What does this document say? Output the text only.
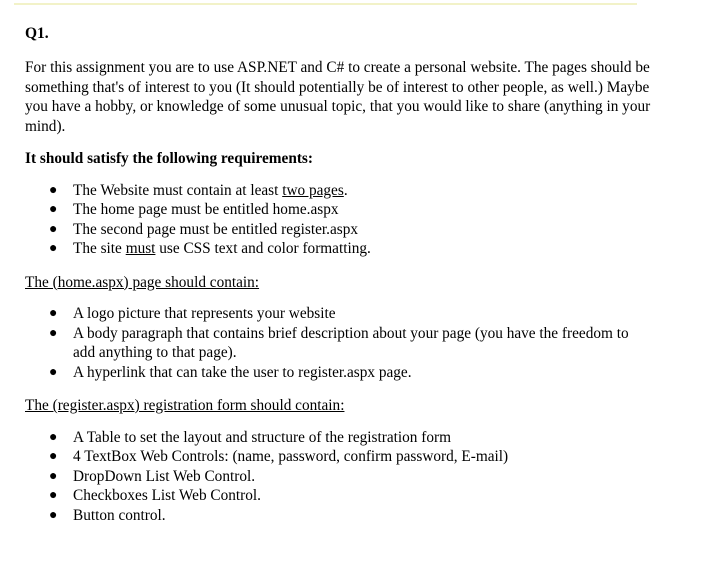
Q1.

For this assignment you are to use ASP.NET and C# to create a personal website. The pages should be something that's of interest to you (It should potentially be of interest to other people, as well.) Maybe you have a hobby, or knowledge of some unusual topic, that you would like to share (anything in your mind).

It should satisfy the following requirements:

● The Website must contain at least two pages.
● The home page must be entitled home.aspx
● The second page must be entitled register.aspx
● The site must use CSS text and color formatting.

The (home.aspx) page should contain:

● A logo picture that represents your website
● A body paragraph that contains brief description about your page (you have the freedom to add anything to that page).
● A hyperlink that can take the user to register.aspx page.

The (register.aspx) registration form should contain:

● A Table to set the layout and structure of the registration form
● 4 TextBox Web Controls: (name, password, confirm password, E-mail)
● DropDown List Web Control.
● Checkboxes List Web Control.
● Button control.
